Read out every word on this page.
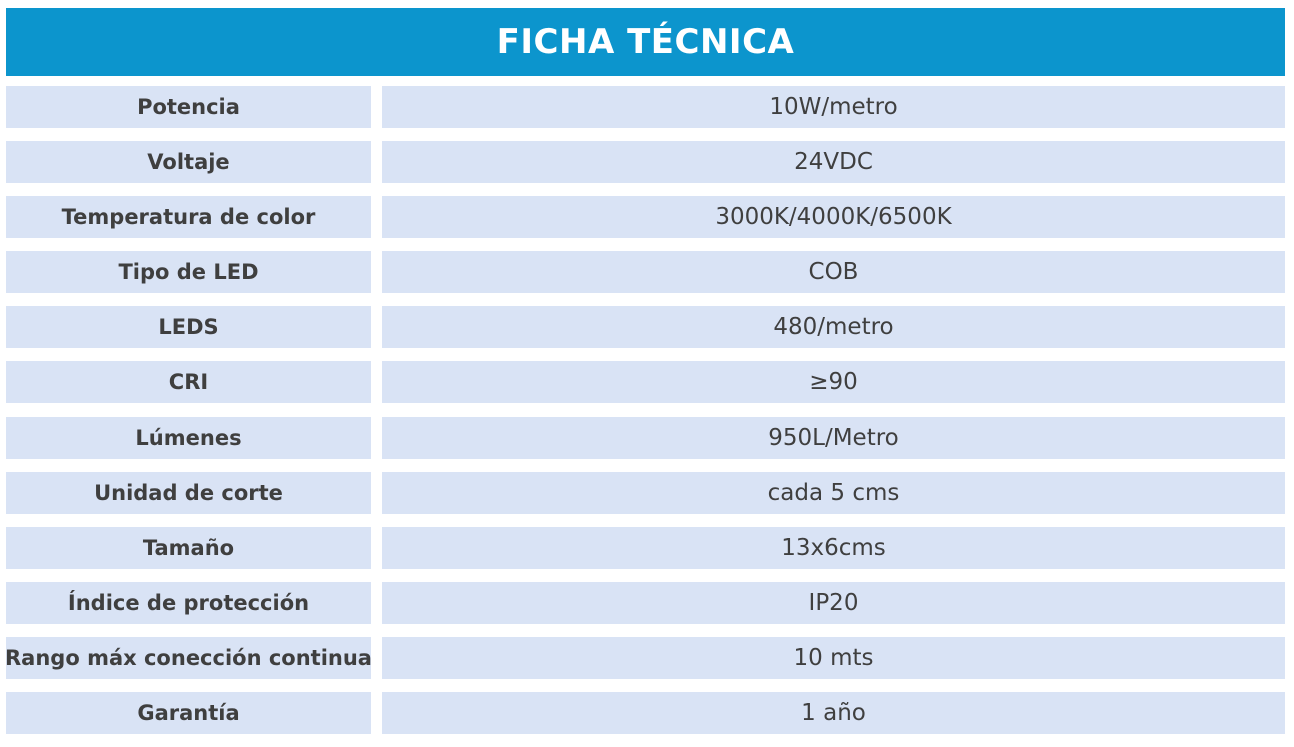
FICHA TÉCNICA
Potencia	10W/metro
Voltaje	24VDC
Temperatura de color	3000K/4000K/6500K
Tipo de LED	COB
LEDS	480/metro
CRI	≥90
Lúmenes	950L/Metro
Unidad de corte	cada 5 cms
Tamaño	13x6cms
Índice de protección	IP20
Rango máx conección continua	10 mts
Garantía	1 año
